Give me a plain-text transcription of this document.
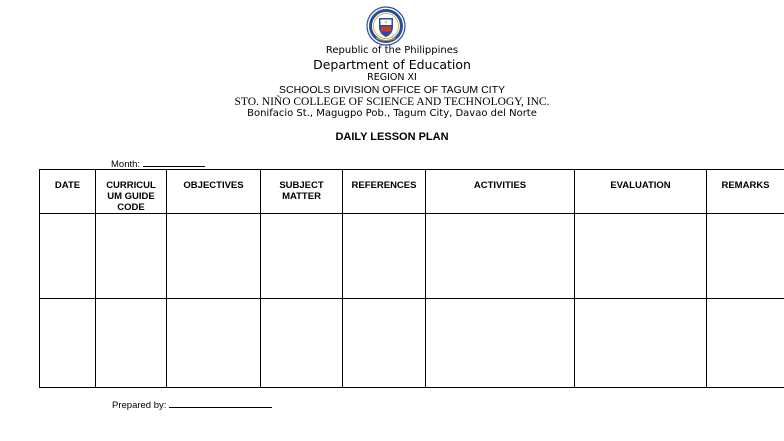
Republic of the Philippines
Department of Education
REGION XI
SCHOOLS DIVISION OFFICE OF TAGUM CITY
STO. NIÑO COLLEGE OF SCIENCE AND TECHNOLOGY, INC.
Bonifacio St., Magugpo Pob., Tagum City, Davao del Norte
DAILY LESSON PLAN
Month:
DATE	CURRICULUM GUIDE CODE	OBJECTIVES	SUBJECT MATTER	REFERENCES	ACTIVITIES	EVALUATION	REMARKS

Prepared by:
